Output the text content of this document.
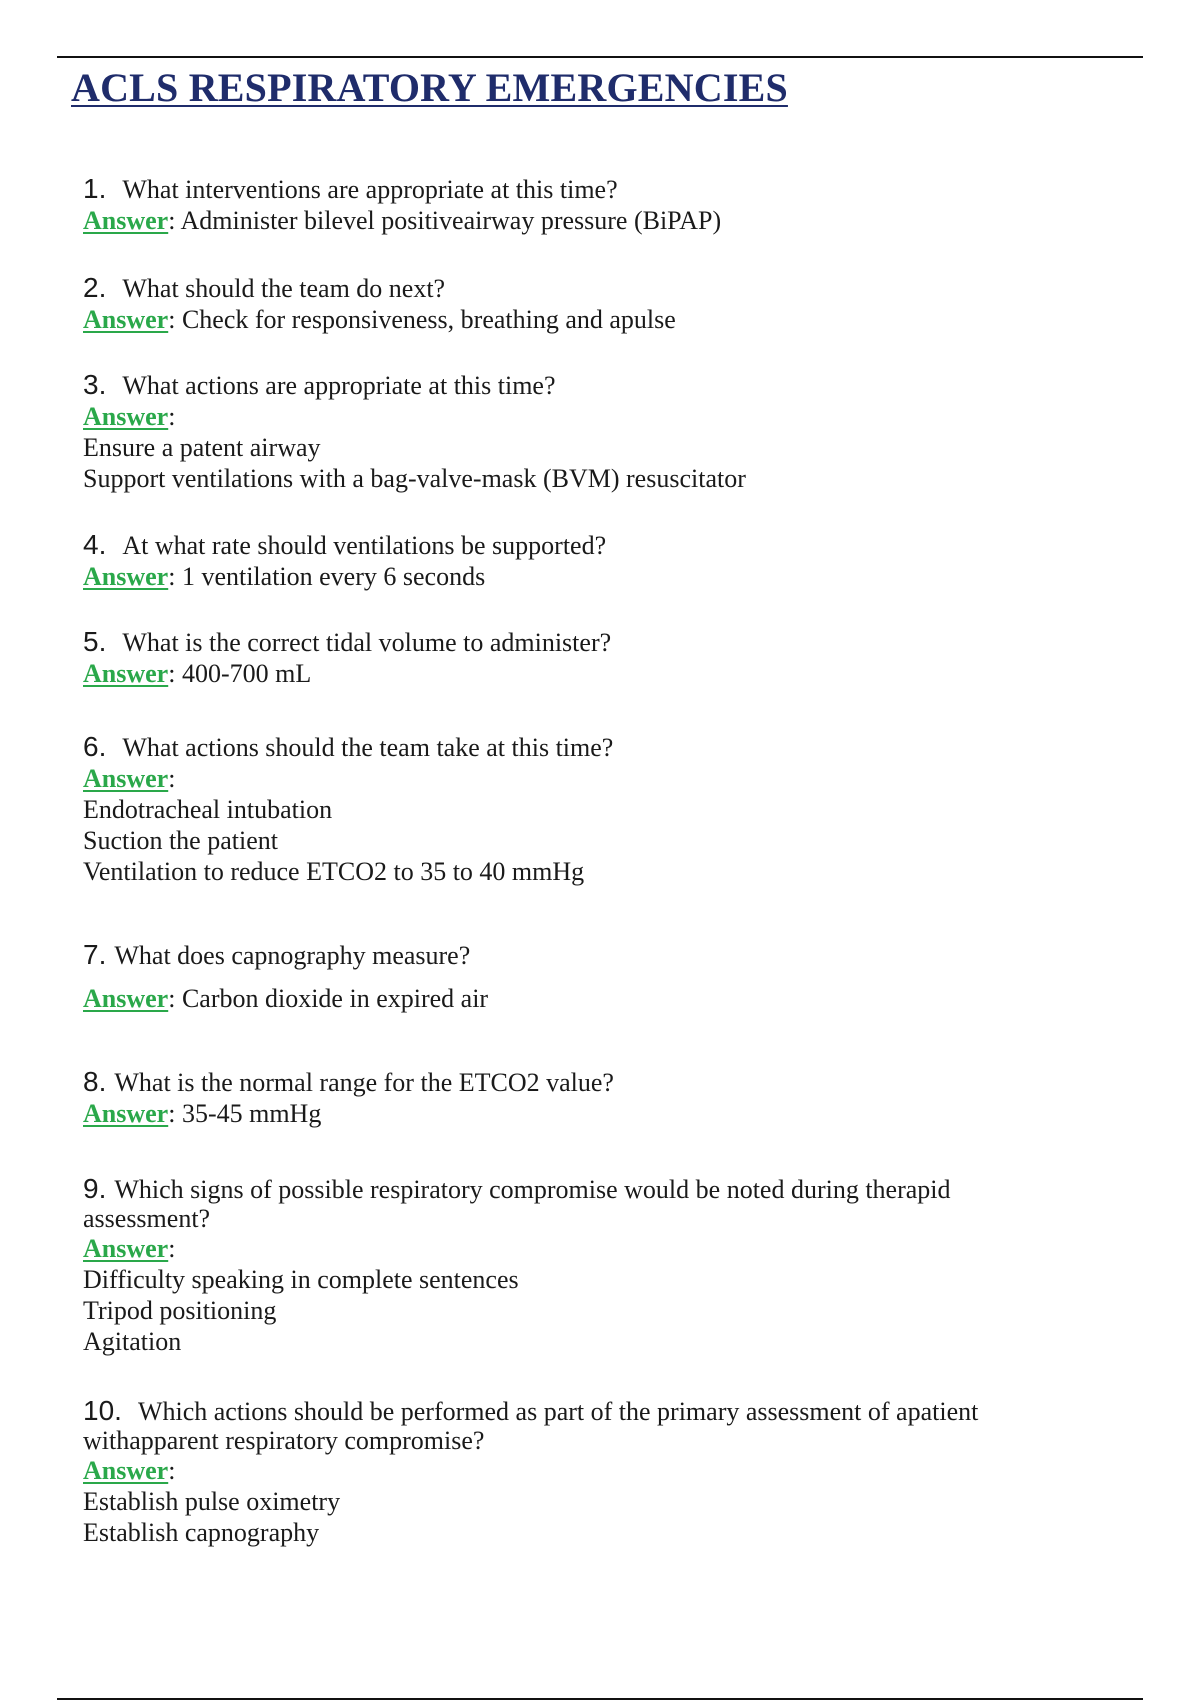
ACLS RESPIRATORY EMERGENCIES
1. What interventions are appropriate at this time?
Answer: Administer bilevel positiveairway pressure (BiPAP)
2. What should the team do next?
Answer: Check for responsiveness, breathing and apulse
3. What actions are appropriate at this time?
Answer:
Ensure a patent airway
Support ventilations with a bag-valve-mask (BVM) resuscitator
4. At what rate should ventilations be supported?
Answer: 1 ventilation every 6 seconds
5. What is the correct tidal volume to administer?
Answer: 400-700 mL
6. What actions should the team take at this time?
Answer:
Endotracheal intubation
Suction the patient
Ventilation to reduce ETCO2 to 35 to 40 mmHg
7. What does capnography measure?
Answer: Carbon dioxide in expired air
8. What is the normal range for the ETCO2 value?
Answer: 35-45 mmHg
9. Which signs of possible respiratory compromise would be noted during therapid assessment?
Answer:
Difficulty speaking in complete sentences
Tripod positioning
Agitation
10. Which actions should be performed as part of the primary assessment of apatient withapparent respiratory compromise?
Answer:
Establish pulse oximetry
Establish capnography
